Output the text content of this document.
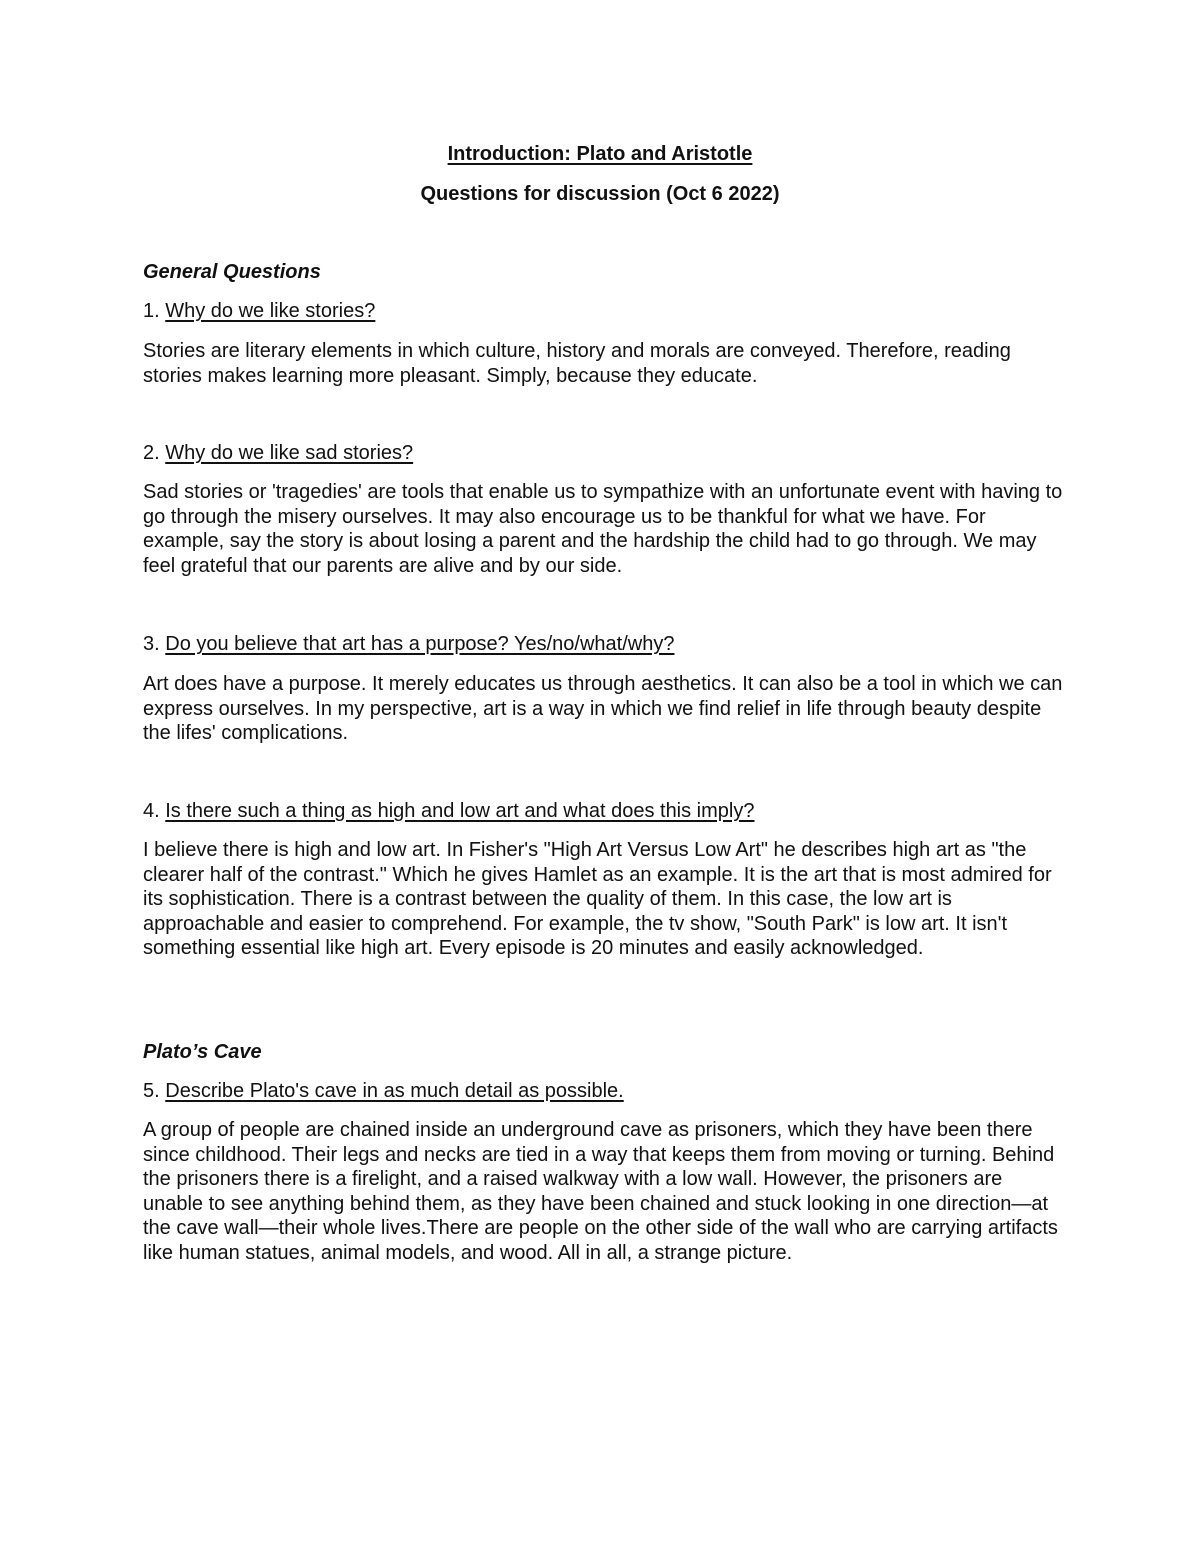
Introduction: Plato and Aristotle

Questions for discussion (Oct 6 2022)

General Questions

1. Why do we like stories?

Stories are literary elements in which culture, history and morals are conveyed. Therefore, reading stories makes learning more pleasant. Simply, because they educate.

2. Why do we like sad stories?

Sad stories or 'tragedies' are tools that enable us to sympathize with an unfortunate event with having to go through the misery ourselves. It may also encourage us to be thankful for what we have. For example, say the story is about losing a parent and the hardship the child had to go through. We may feel grateful that our parents are alive and by our side.

3. Do you believe that art has a purpose? Yes/no/what/why?

Art does have a purpose. It merely educates us through aesthetics. It can also be a tool in which we can express ourselves. In my perspective, art is a way in which we find relief in life through beauty despite the lifes' complications.

4. Is there such a thing as high and low art and what does this imply?

I believe there is high and low art. In Fisher's "High Art Versus Low Art" he describes high art as "the clearer half of the contrast." Which he gives Hamlet as an example. It is the art that is most admired for its sophistication. There is a contrast between the quality of them. In this case, the low art is approachable and easier to comprehend. For example, the tv show, "South Park" is low art. It isn't something essential like high art. Every episode is 20 minutes and easily acknowledged.

Plato’s Cave

5. Describe Plato's cave in as much detail as possible.

A group of people are chained inside an underground cave as prisoners, which they have been there since childhood. Their legs and necks are tied in a way that keeps them from moving or turning. Behind the prisoners there is a firelight, and a raised walkway with a low wall. However, the prisoners are unable to see anything behind them, as they have been chained and stuck looking in one direction—at the cave wall—their whole lives.There are people on the other side of the wall who are carrying artifacts like human statues, animal models, and wood. All in all, a strange picture.
